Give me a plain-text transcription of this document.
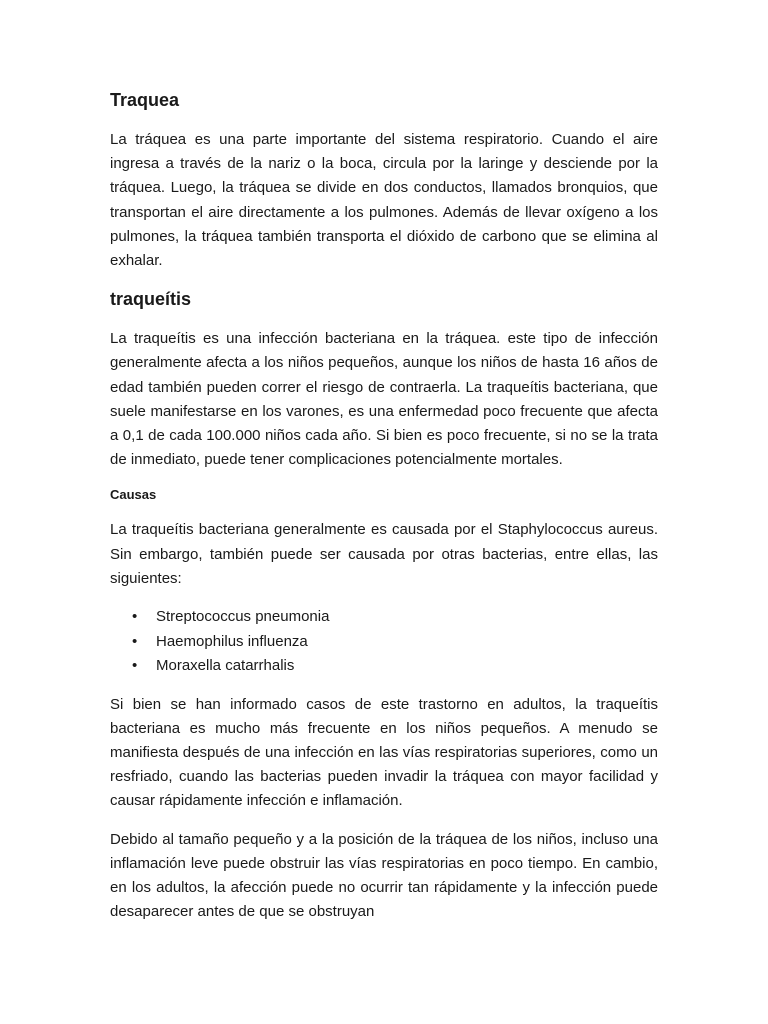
Traquea

La tráquea es una parte importante del sistema respiratorio. Cuando el aire ingresa a través de la nariz o la boca, circula por la laringe y desciende por la tráquea. Luego, la tráquea se divide en dos conductos, llamados bronquios, que transportan el aire directamente a los pulmones. Además de llevar oxígeno a los pulmones, la tráquea también transporta el dióxido de carbono que se elimina al exhalar.

traqueítis

La traqueítis es una infección bacteriana en la tráquea. este tipo de infección generalmente afecta a los niños pequeños, aunque los niños de hasta 16 años de edad también pueden correr el riesgo de contraerla. La traqueítis bacteriana, que suele manifestarse en los varones, es una enfermedad poco frecuente que afecta a 0,1 de cada 100.000 niños cada año. Si bien es poco frecuente, si no se la trata de inmediato, puede tener complicaciones potencialmente mortales.

Causas

La traqueítis bacteriana generalmente es causada por el Staphylococcus aureus. Sin embargo, también puede ser causada por otras bacterias, entre ellas, las siguientes:

• Streptococcus pneumonia
• Haemophilus influenza
• Moraxella catarrhalis

Si bien se han informado casos de este trastorno en adultos, la traqueítis bacteriana es mucho más frecuente en los niños pequeños. A menudo se manifiesta después de una infección en las vías respiratorias superiores, como un resfriado, cuando las bacterias pueden invadir la tráquea con mayor facilidad y causar rápidamente infección e inflamación.

Debido al tamaño pequeño y a la posición de la tráquea de los niños, incluso una inflamación leve puede obstruir las vías respiratorias en poco tiempo. En cambio, en los adultos, la afección puede no ocurrir tan rápidamente y la infección puede desaparecer antes de que se obstruyan
